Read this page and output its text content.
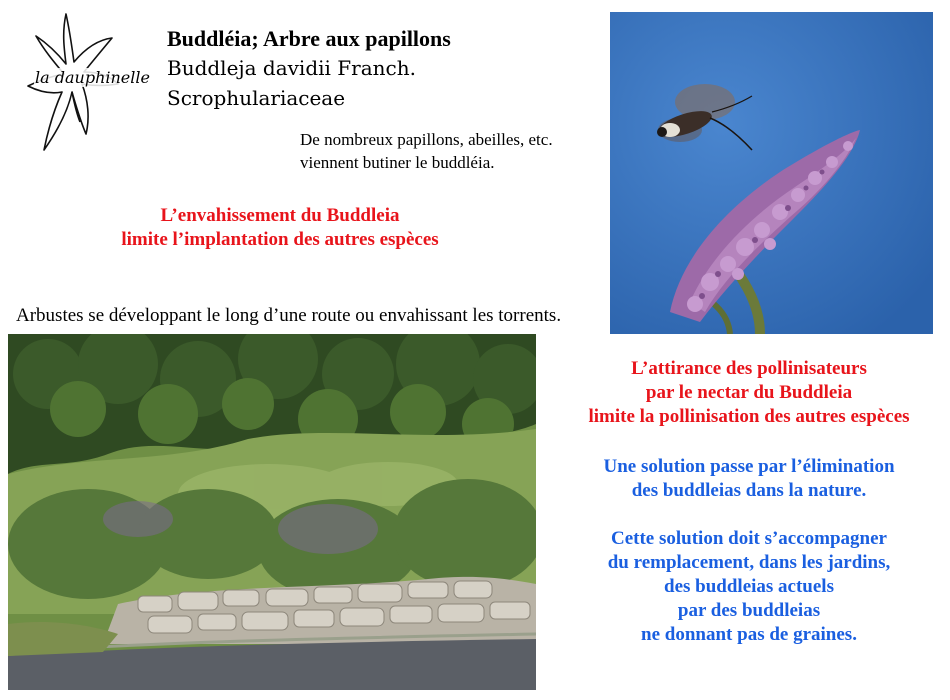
la dauphinelle
Buddléia; Arbre aux papillons
Buddleja davidii Franch.
Scrophulariaceae
De nombreux papillons, abeilles, etc.
viennent butiner le buddléia.
L’envahissement du Buddleia
limite l’implantation des autres espèces
Arbustes se développant le long d’une route ou envahissant les torrents.
L’attirance des pollinisateurs
par le nectar du Buddleia
limite la pollinisation des autres espèces
Une solution passe par l’élimination
des buddleias dans la nature.
Cette solution doit s’accompagner
du remplacement, dans les jardins,
des buddleias actuels
par des buddleias
ne donnant pas de graines.
